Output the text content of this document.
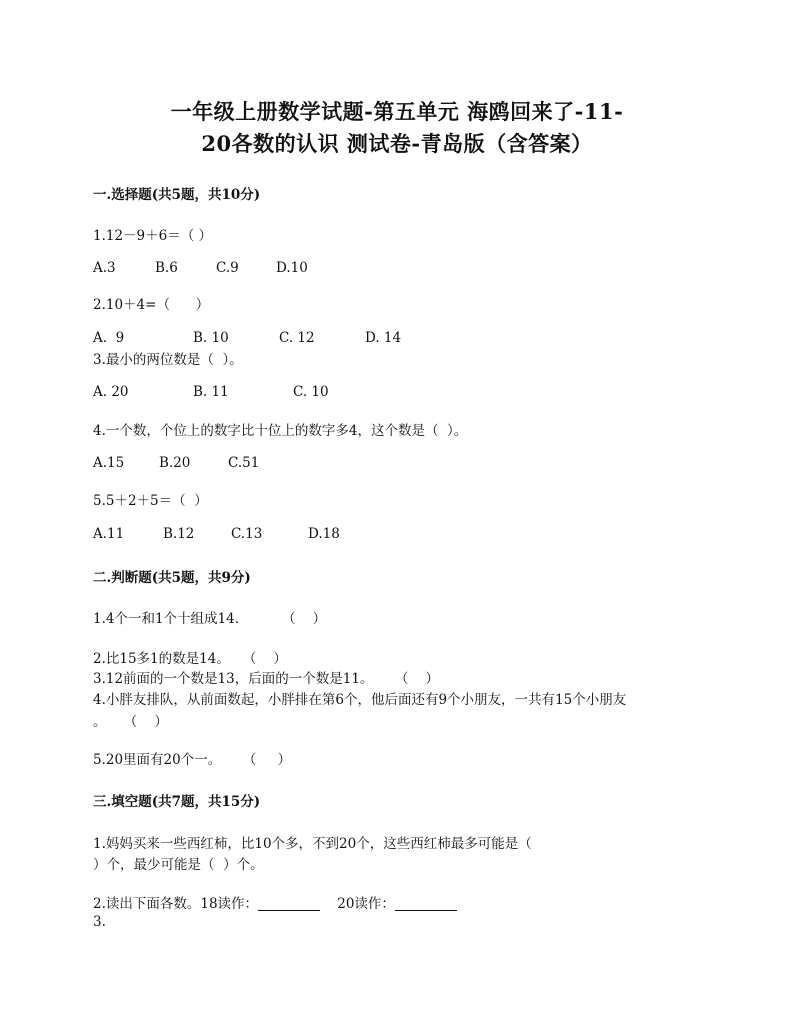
一年级上册数学试题-第五单元 海鸥回来了-11-
20各数的认识 测试卷-青岛版（含答案）
一.选择题(共5题，共10分)
1.12－9＋6＝（ ）
A.3	B.6	C.9	D.10
2.10＋4=（      ）
A.  9	B. 10	C. 12	D. 14
3.最小的两位数是（  ）。
A. 20	B. 11	C. 10
4.一个数，个位上的数字比十位上的数字多4，这个数是（  ）。
A.15	B.20	C.51
5.5＋2＋5＝（  ）
A.11	B.12	C.13	D.18
二.判断题(共5题，共9分)
1.4个一和1个十组成14.          （    ）
2.比15多1的数是14。   （    ）
3.12前面的一个数是13，后面的一个数是11。     （    ）
4.小胖友排队，从前面数起，小胖排在第6个，他后面还有9个小朋友，一共有15个小朋友
。    （    ）
5.20里面有20个一。     （     ）
三.填空题(共7题，共15分)
1.妈妈买来一些西红柿，比10个多，不到20个，这些西红柿最多可能是（
）个，最少可能是（  ）个。
2.读出下面各数。18读作：	20读作：
3.
